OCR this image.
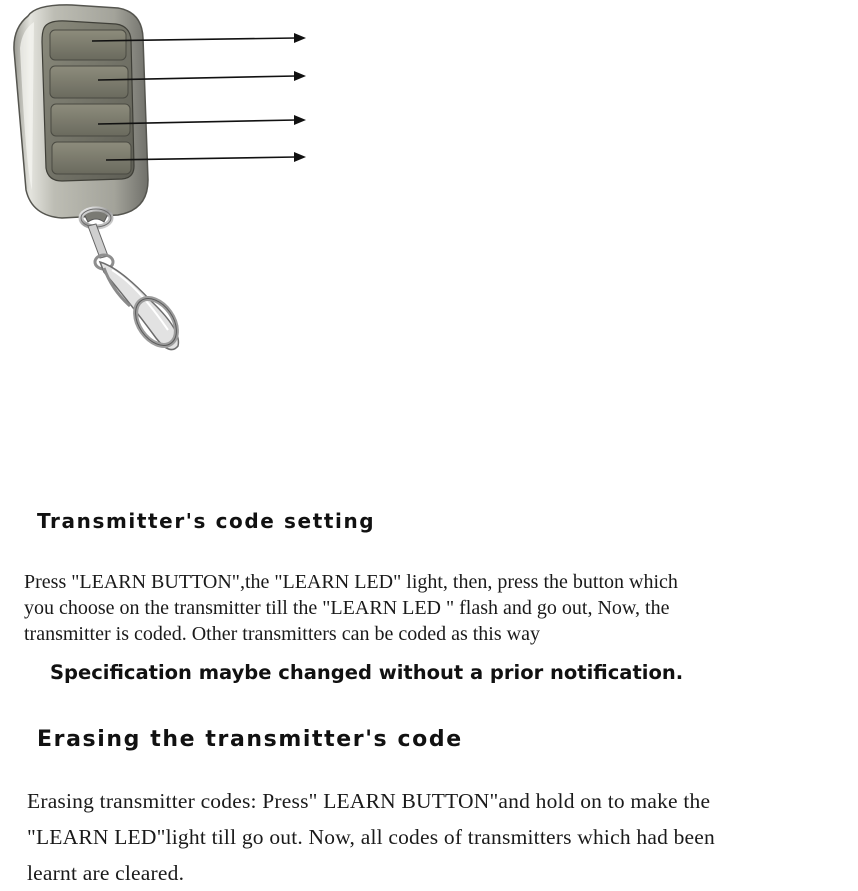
Transmitter's code setting

Press "LEARN BUTTON",the "LEARN LED" light, then, press the button which
you choose on the transmitter till the "LEARN LED " flash and go out, Now, the
transmitter is coded. Other transmitters can be coded as this way

Specification maybe changed without a prior notification.

Erasing the transmitter's code

Erasing transmitter codes: Press" LEARN BUTTON"and hold on to make the
"LEARN LED"light till go out. Now, all codes of transmitters which had been
learnt are cleared.
